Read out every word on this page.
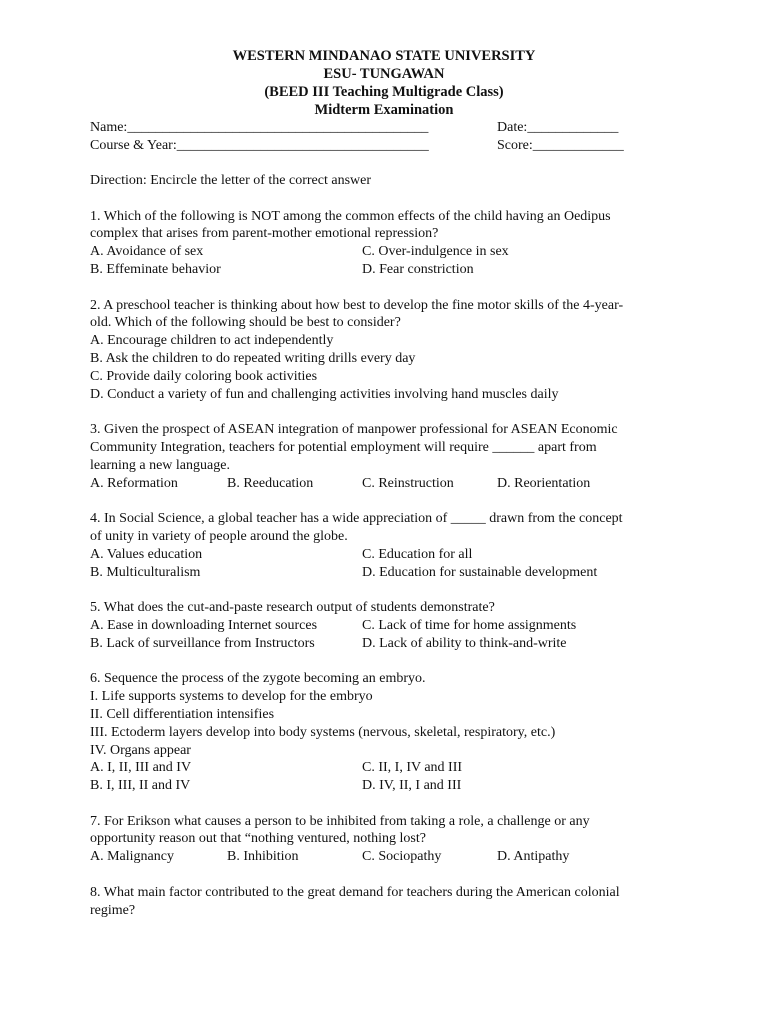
WESTERN MINDANAO STATE UNIVERSITY
ESU- TUNGAWAN
(BEED III Teaching Multigrade Class)
Midterm Examination
Name:___________________________________________	Date:_____________
Course & Year:____________________________________	Score:_____________
Direction: Encircle the letter of the correct answer
1. Which of the following is NOT among the common effects of the child having an Oedipus
complex that arises from parent-mother emotional repression?
A. Avoidance of sex	C. Over-indulgence in sex
B. Effeminate behavior	D. Fear constriction
2. A preschool teacher is thinking about how best to develop the fine motor skills of the 4-year-
old. Which of the following should be best to consider?
A. Encourage children to act independently
B. Ask the children to do repeated writing drills every day
C. Provide daily coloring book activities
D. Conduct a variety of fun and challenging activities involving hand muscles daily
3. Given the prospect of ASEAN integration of manpower professional for ASEAN Economic
Community Integration, teachers for potential employment will require ______ apart from
learning a new language.
A. Reformation	B. Reeducation	C. Reinstruction	D. Reorientation
4. In Social Science, a global teacher has a wide appreciation of _____ drawn from the concept
of unity in variety of people around the globe.
A. Values education	C. Education for all
B. Multiculturalism	D. Education for sustainable development
5. What does the cut-and-paste research output of students demonstrate?
A. Ease in downloading Internet sources	C. Lack of time for home assignments
B. Lack of surveillance from Instructors	D. Lack of ability to think-and-write
6. Sequence the process of the zygote becoming an embryo.
I. Life supports systems to develop for the embryo
II. Cell differentiation intensifies
III. Ectoderm layers develop into body systems (nervous, skeletal, respiratory, etc.)
IV. Organs appear
A. I, II, III and IV	C. II, I, IV and III
B. I, III, II and IV	D. IV, II, I and III
7. For Erikson what causes a person to be inhibited from taking a role, a challenge or any
opportunity reason out that “nothing ventured, nothing lost?
A. Malignancy	B. Inhibition	C. Sociopathy	D. Antipathy
8. What main factor contributed to the great demand for teachers during the American colonial
regime?
